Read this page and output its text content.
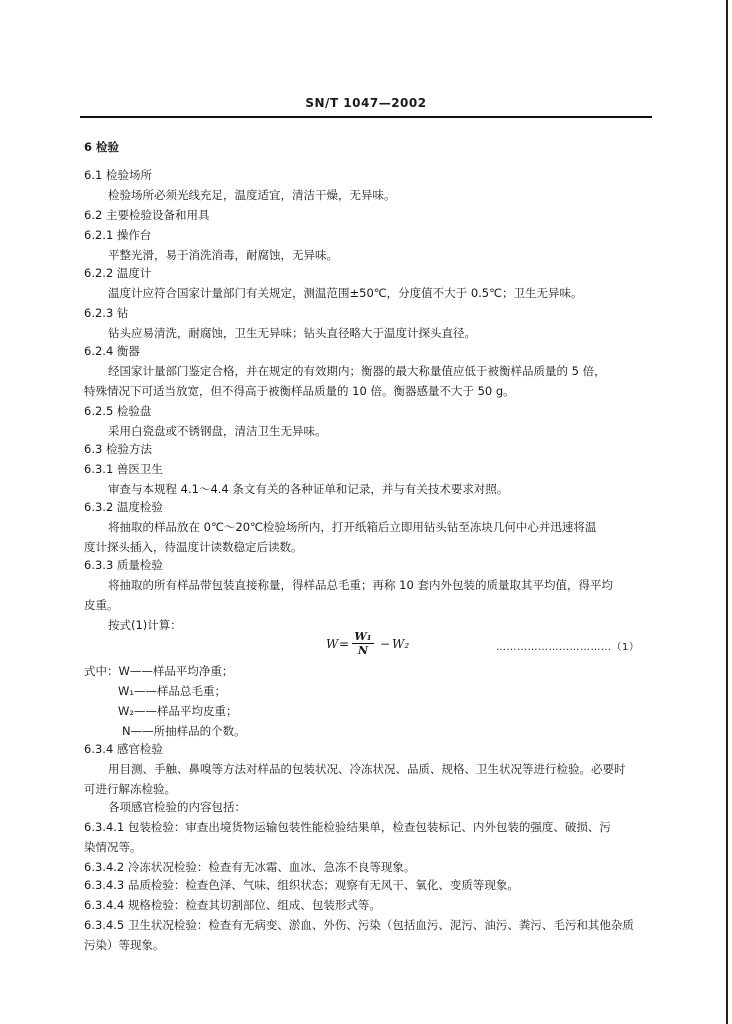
SN/T 1047—2002
6 检验
6.1 检验场所
检验场所必须光线充足，温度适宜，清洁干燥，无异味。
6.2 主要检验设备和用具
6.2.1 操作台
平整光滑，易于消洗消毒，耐腐蚀，无异味。
6.2.2 温度计
温度计应符合国家计量部门有关规定，测温范围±50℃，分度值不大于 0.5℃；卫生无异味。
6.2.3 钻
钻头应易清洗，耐腐蚀，卫生无异味；钻头直径略大于温度计探头直径。
6.2.4 衡器
经国家计量部门鉴定合格，并在规定的有效期内；衡器的最大称量值应低于被衡样品质量的 5 倍，
特殊情况下可适当放宽，但不得高于被衡样品质量的 10 倍。衡器感量不大于 50 g。
6.2.5 检验盘
采用白瓷盘或不锈钢盘，清洁卫生无异味。
6.3 检验方法
6.3.1 兽医卫生
审查与本规程 4.1～4.4 条文有关的各种证单和记录，并与有关技术要求对照。
6.3.2 温度检验
将抽取的样品放在 0℃～20℃检验场所内，打开纸箱后立即用钻头钻至冻块几何中心并迅速将温
度计探头插入，待温度计读数稳定后读数。
6.3.3 质量检验
将抽取的所有样品带包装直接称量，得样品总毛重；再称 10 套内外包装的质量取其平均值，得平均
皮重。
按式(1)计算：
$W = \frac{\text{W₁}}{N} - W_2$	……………………………（1）
式中：W——样品平均净重；
W₁——样品总毛重；
W₂——样品平均皮重；
N——所抽样品的个数。
6.3.4 感官检验
用目测、手触、鼻嗅等方法对样品的包装状况、冷冻状况、品质、规格、卫生状况等进行检验。必要时
可进行解冻检验。
各项感官检验的内容包括：
6.3.4.1 包装检验：审查出境货物运输包装性能检验结果单，检查包装标记、内外包装的强度、破损、污
染情况等。
6.3.4.2 冷冻状况检验：检查有无冰霜、血冰、急冻不良等现象。
6.3.4.3 品质检验：检查色泽、气味、组织状态；观察有无风干、氧化、变质等现象。
6.3.4.4 规格检验：检查其切割部位、组成、包装形式等。
6.3.4.5 卫生状况检验：检查有无病变、淤血、外伤、污染（包括血污、泥污、油污、粪污、毛污和其他杂质
污染）等现象。
